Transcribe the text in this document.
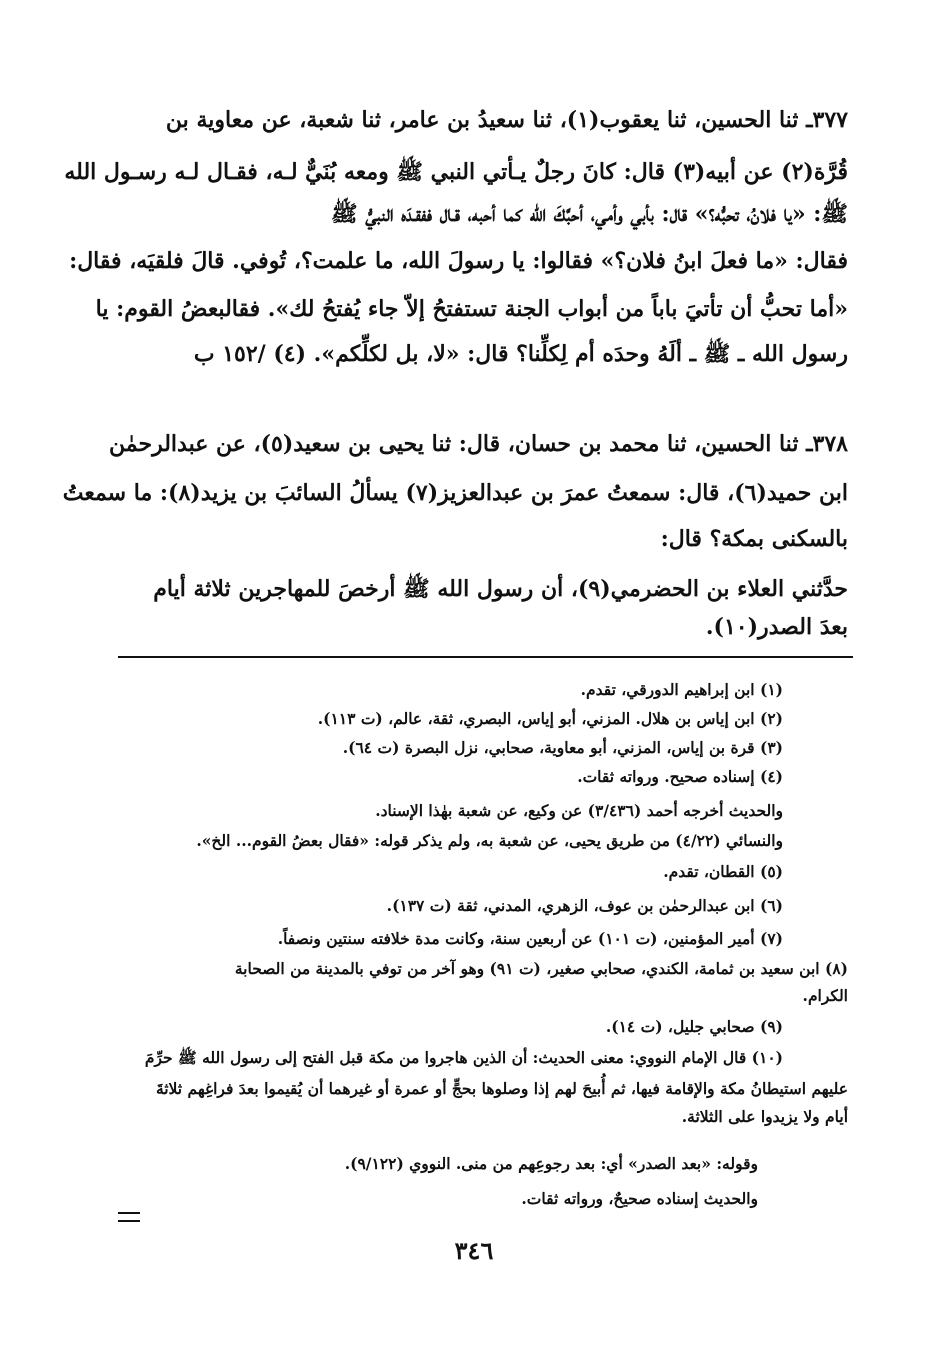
٣٧٧ـ ثنا الحسين، ثنا يعقوب(١)، ثنا سعيدُ بن عامر، ثنا شعبة، عن معاوية بن
قُرَّة(٢) عن أبيه(٣) قال: كانَ رجلٌ يـأتي النبي ﷺ ومعه بُنَيٌّ لـه، فقـال لـه رسـول الله
ﷺ: «يا فلانُ، تحبُّه؟» قال: بأبي وأمي، أحبَّكَ الله كما أحبه، قـال ففقـدَه النبيُّ ﷺ
فقال: «ما فعلَ ابنُ فلان؟» فقالوا: يا رسولَ الله، ما علمت؟، تُوفي. قالَ فلقيَه، فقال:
«أما تحبُّ أن تأتيَ باباً من أبواب الجنة تستفتحُ إلاّ جاء يُفتحُ لك». فقالبعضُ القوم: يا
رسول الله ـ ﷺ ـ ألَهُ وحدَه أم لِكلِّنا؟ قال: «لا، بل لكلِّكم». (٤) /١٥٢ ب
٣٧٨ـ ثنا الحسين، ثنا محمد بن حسان، قال: ثنا يحيى بن سعيد(٥)، عن عبدالرحمٰن
ابن حميد(٦)، قال: سمعتُ عمرَ بن عبدالعزيز(٧) يسألُ السائبَ بن يزيد(٨): ما سمعتُ
بالسكنى بمكة؟ قال:
حدَّثني العلاء بن الحضرمي(٩)، أن رسول الله ﷺ أرخصَ للمهاجرين ثلاثة أيام
بعدَ الصدر(١٠).
(١) ابن إبراهيم الدورقي، تقدم.
(٢) ابن إياس بن هلال. المزني، أبو إياس، البصري، ثقة، عالم، (ت ١١٣).
(٣) قرة بن إياس، المزني، أبو معاوية، صحابي، نزل البصرة (ت ٦٤).
(٤) إسناده صحيح. ورواته ثقات.
والحديث أخرجه أحمد (٣/٤٣٦) عن وكيع، عن شعبة بهٰذا الإسناد.
والنسائي (٤/٢٢) من طريق يحيى، عن شعبة به، ولم يذكر قوله: «فقال بعضُ القوم... الخ».
(٥) القطان، تقدم.
(٦) ابن عبدالرحمٰن بن عوف، الزهري، المدني، ثقة (ت ١٣٧).
(٧) أمير المؤمنين، (ت ١٠١) عن أربعين سنة، وكانت مدة خلافته سنتين ونصفاً.
(٨) ابن سعيد بن ثمامة، الكندي، صحابي صغير، (ت ٩١) وهو آخر من توفي بالمدينة من الصحابة
الكرام.
(٩) صحابي جليل، (ت ١٤).
(١٠) قال الإمام النووي: معنى الحديث: أن الذين هاجروا من مكة قبل الفتح إلى رسول الله ﷺ حرِّمَ
عليهم استيطانُ مكة والإقامة فيها، ثم أُبيحَ لهم إذا وصلوها بحجٍّ أو عمرة أو غيرهما أن يُقيموا بعدَ فراغِهم ثلاثةَ
أيام ولا يزيدوا على الثلاثة.
وقوله: «بعد الصدر» أي: بعد رجوعِهم من منى. النووي (٩/١٢٢).
والحديث إسناده صحيحٌ، ورواته ثقات.
٣٤٦
